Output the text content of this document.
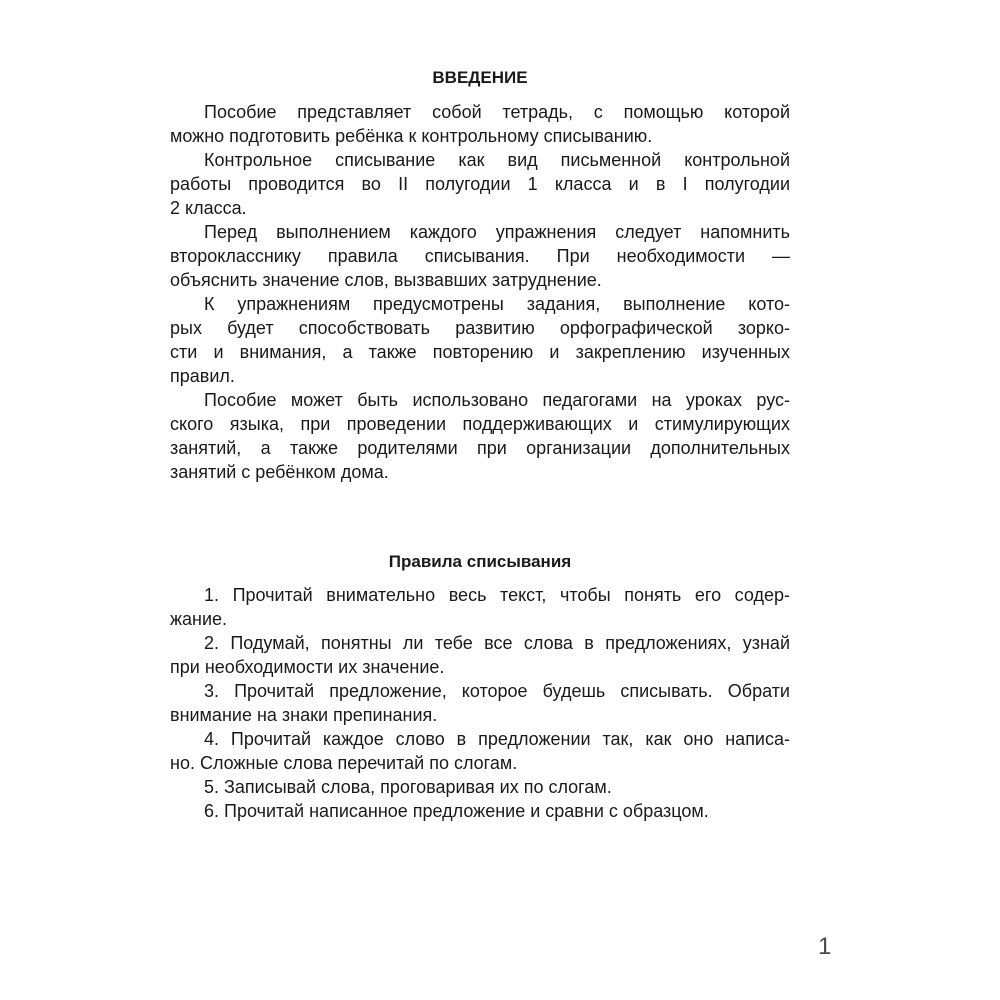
ВВЕДЕНИЕ
Пособие представляет собой тетрадь, с помощью которой
можно подготовить ребёнка к контрольному списыванию.
Контрольное списывание как вид письменной контрольной
работы проводится во II полугодии 1 класса и в I полугодии
2 класса.
Перед выполнением каждого упражнения следует напомнить
второкласснику правила списывания. При необходимости —
объяснить значение слов, вызвавших затруднение.
К упражнениям предусмотрены задания, выполнение кото-
рых будет способствовать развитию орфографической зорко-
сти и внимания, а также повторению и закреплению изученных
правил.
Пособие может быть использовано педагогами на уроках рус-
ского языка, при проведении поддерживающих и стимулирующих
занятий, а также родителями при организации дополнительных
занятий с ребёнком дома.
Правила списывания
1. Прочитай внимательно весь текст, чтобы понять его содер-
жание.
2. Подумай, понятны ли тебе все слова в предложениях, узнай
при необходимости их значение.
3. Прочитай предложение, которое будешь списывать. Обрати
внимание на знаки препинания.
4. Прочитай каждое слово в предложении так, как оно написа-
но. Сложные слова перечитай по слогам.
5. Записывай слова, проговаривая их по слогам.
6. Прочитай написанное предложение и сравни с образцом.
1
